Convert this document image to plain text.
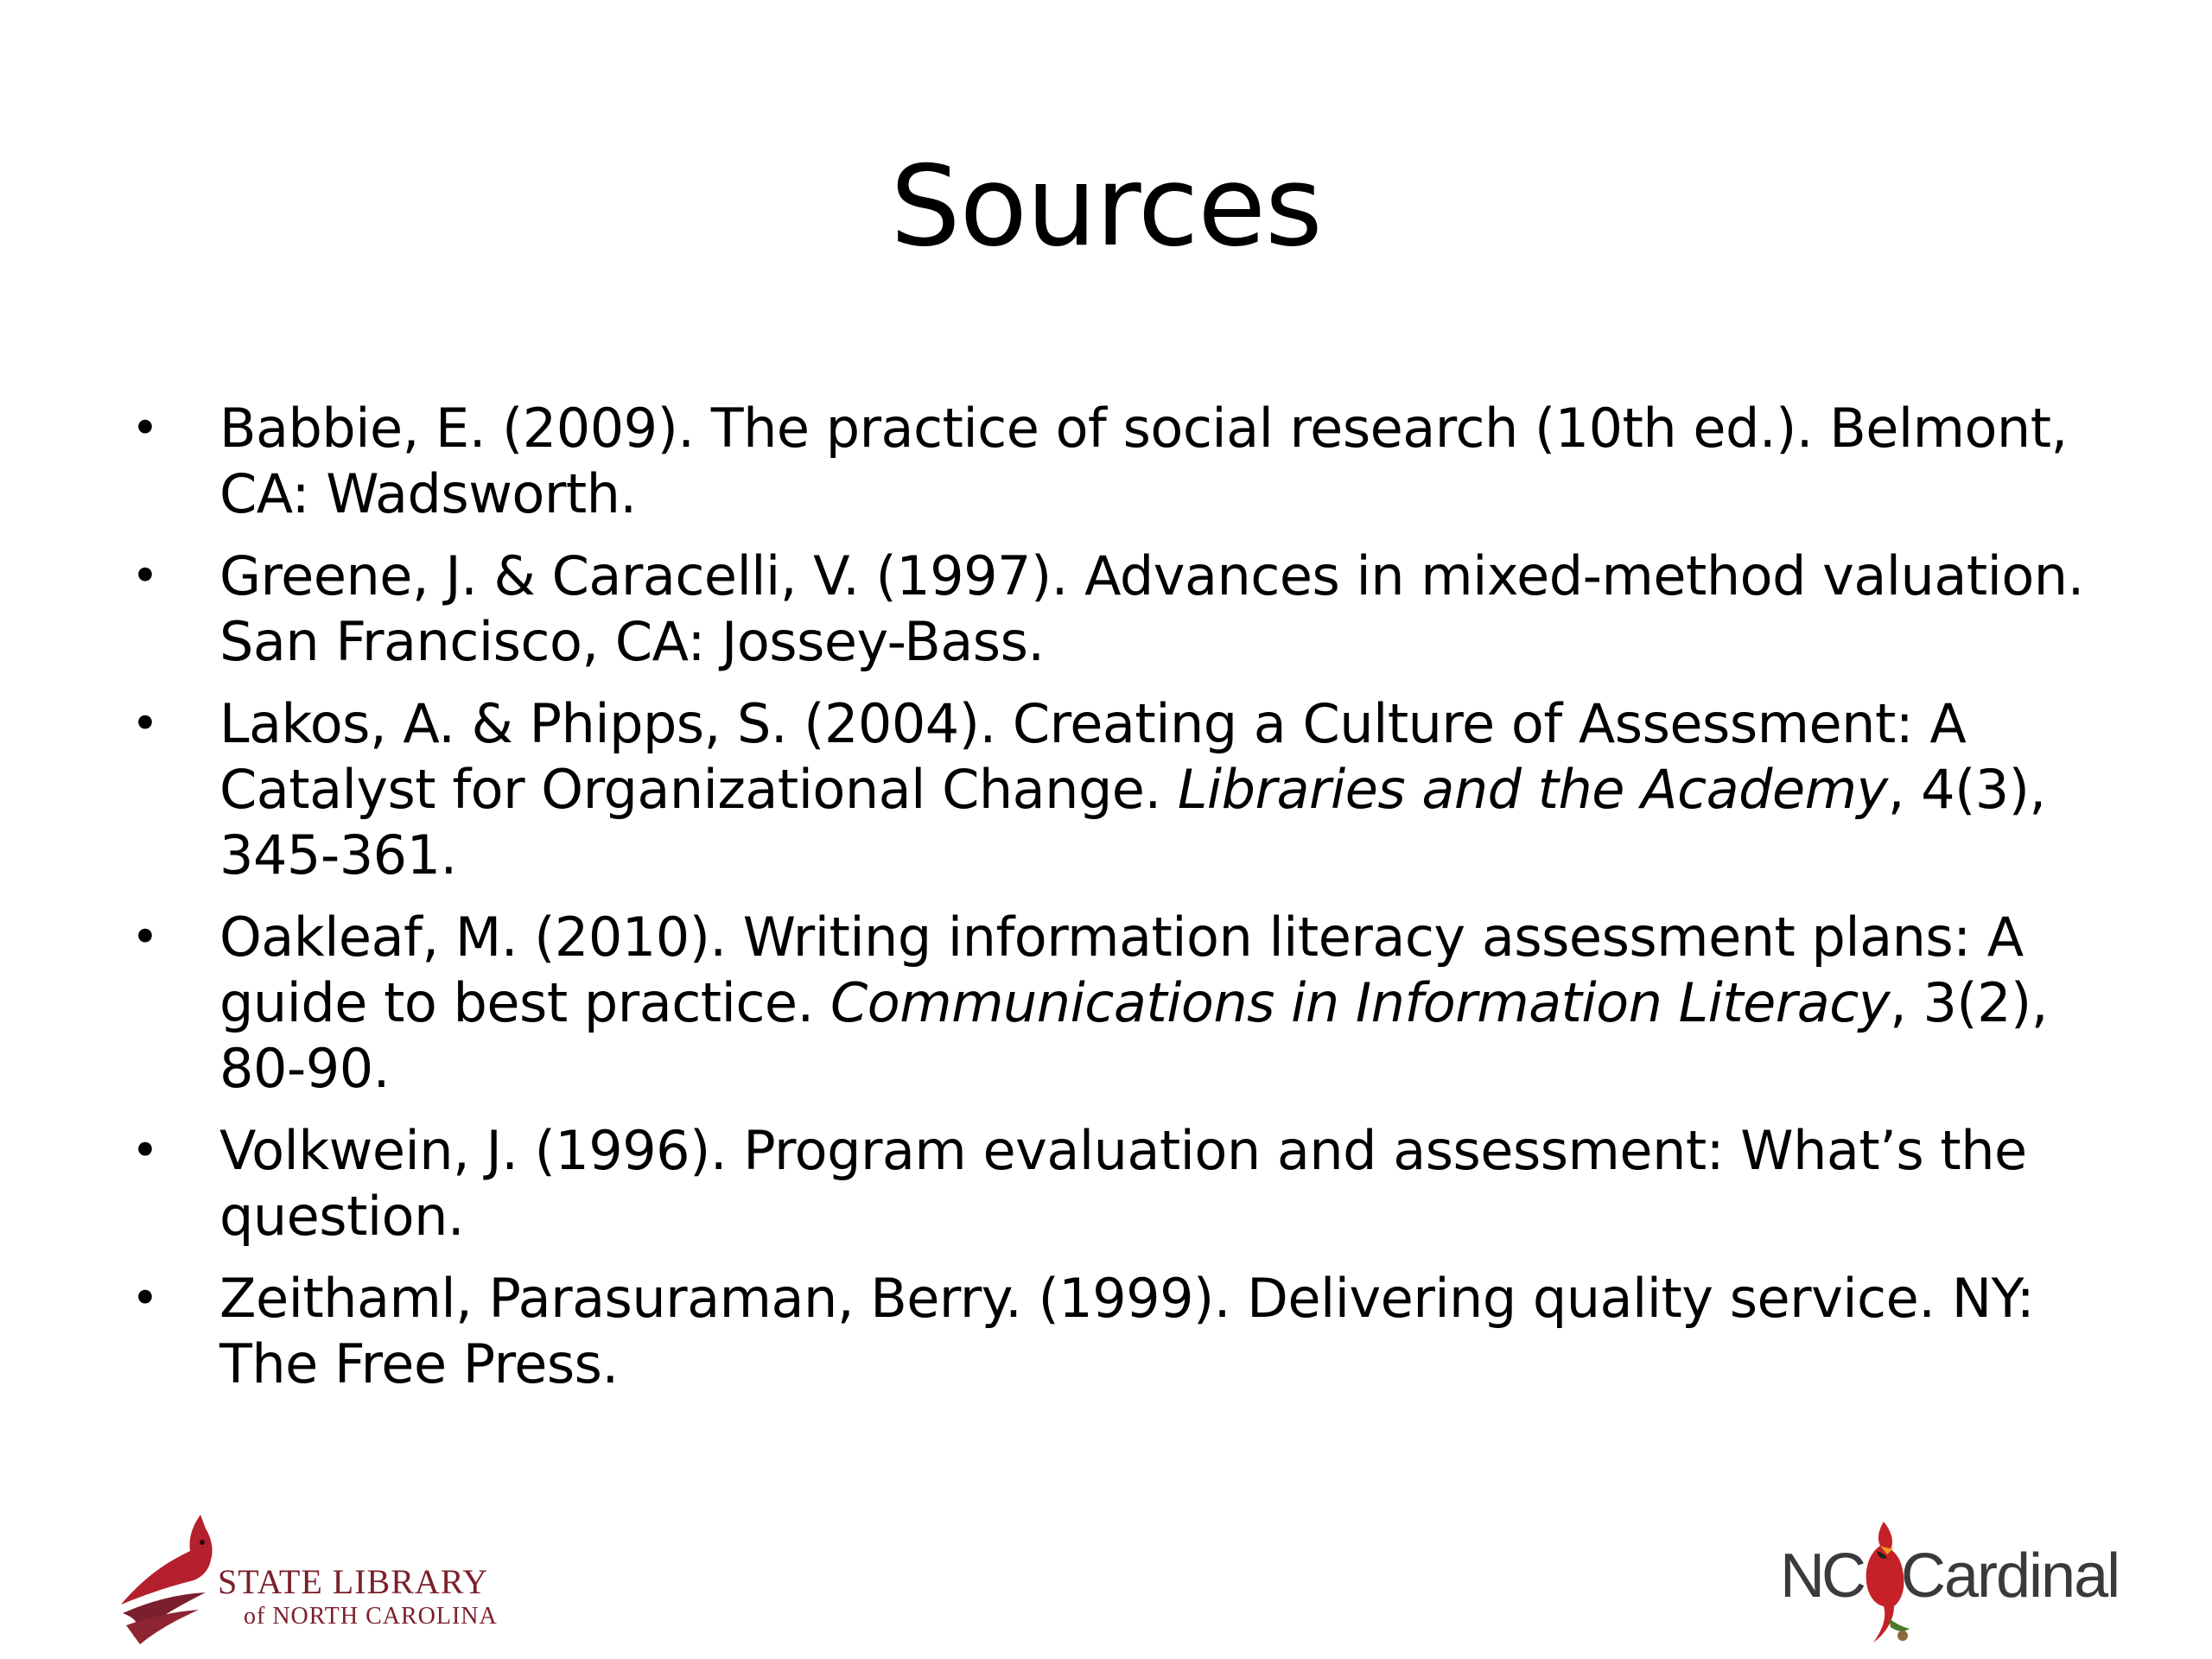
Sources
• Babbie, E. (2009). The practice of social research (10th ed.). Belmont, CA: Wadsworth.
• Greene, J. & Caracelli, V. (1997). Advances in mixed-method valuation. San Francisco, CA: Jossey-Bass.
• Lakos, A. & Phipps, S. (2004). Creating a Culture of Assessment: A Catalyst for Organizational Change. Libraries and the Academy, 4(3), 345-361.
• Oakleaf, M. (2010). Writing information literacy assessment plans: A guide to best practice. Communications in Information Literacy, 3(2), 80-90.
• Volkwein, J. (1996). Program evaluation and assessment: What’s the question.
• Zeithaml, Parasuraman, Berry. (1999). Delivering quality service. NY: The Free Press.
STATE LIBRARY
of NORTH CAROLINA
NC Cardinal
